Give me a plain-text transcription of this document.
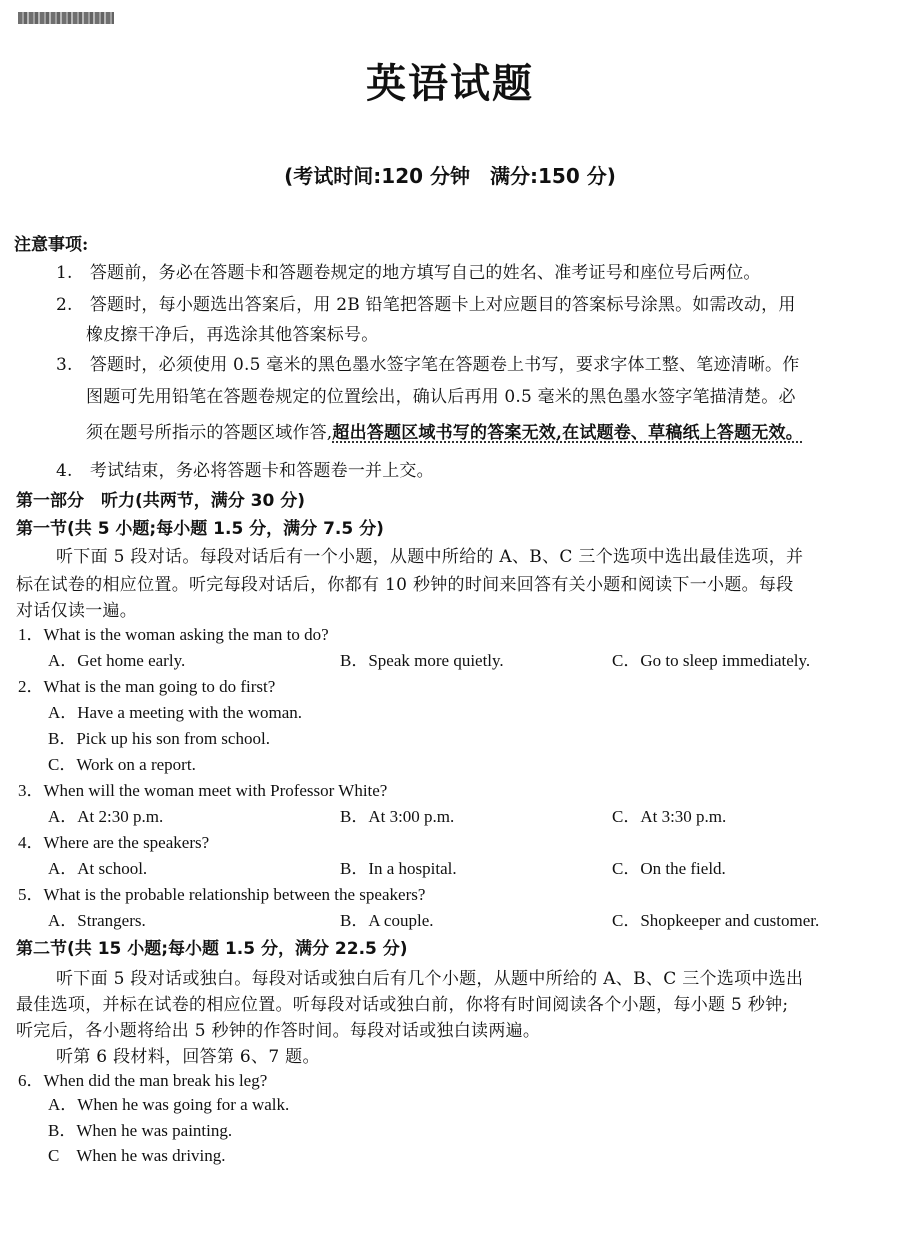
英语试题
(考试时间:120 分钟　满分:150 分)
注意事项:
1.　答题前，务必在答题卡和答题卷规定的地方填写自己的姓名、准考证号和座位号后两位。
2.　答题时，每小题选出答案后，用 2B 铅笔把答题卡上对应题目的答案标号涂黑。如需改动，用
橡皮擦干净后，再选涂其他答案标号。
3.　答题时，必须使用 0.5 毫米的黑色墨水签字笔在答题卷上书写，要求字体工整、笔迹清晰。作
图题可先用铅笔在答题卷规定的位置绘出，确认后再用 0.5 毫米的黑色墨水签字笔描清楚。必
须在题号所指示的答题区域作答,超出答题区域书写的答案无效,在试题卷、草稿纸上答题无效。
4.　考试结束，务必将答题卡和答题卷一并上交。
第一部分　听力(共两节，满分 30 分)
第一节(共 5 小题;每小题 1.5 分，满分 7.5 分)
听下面 5 段对话。每段对话后有一个小题，从题中所给的 A、B、C 三个选项中选出最佳选项，并
标在试卷的相应位置。听完每段对话后，你都有 10 秒钟的时间来回答有关小题和阅读下一小题。每段
对话仅读一遍。
1．What is the woman asking the man to do?
A．Get home early.	B．Speak more quietly.	C．Go to sleep immediately.
2．What is the man going to do first?
A．Have a meeting with the woman.
B．Pick up his son from school.
C．Work on a report.
3．When will the woman meet with Professor White?
A．At 2:30 p.m.	B．At 3:00 p.m.	C．At 3:30 p.m.
4．Where are the speakers?
A．At school.	B．In a hospital.	C．On the field.
5．What is the probable relationship between the speakers?
A．Strangers.	B．A couple.	C．Shopkeeper and customer.
第二节(共 15 小题;每小题 1.5 分，满分 22.5 分)
听下面 5 段对话或独白。每段对话或独白后有几个小题，从题中所给的 A、B、C 三个选项中选出
最佳选项，并标在试卷的相应位置。听每段对话或独白前，你将有时间阅读各个小题，每小题 5 秒钟;
听完后，各小题将给出 5 秒钟的作答时间。每段对话或独白读两遍。
听第 6 段材料，回答第 6、7 题。
6．When did the man break his leg?
A．When he was going for a walk.
B．When he was painting.
C　When he was driving.
